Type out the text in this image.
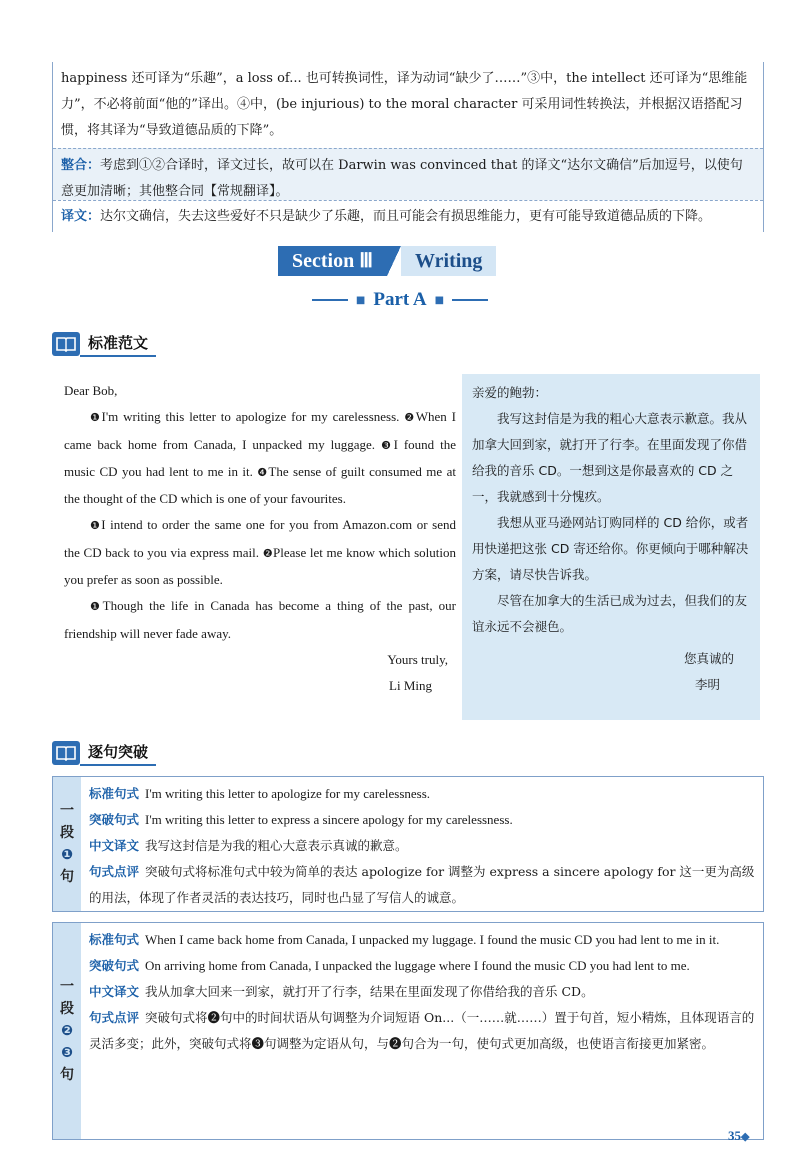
happiness 还可译为“乐趣”，a loss of... 也可转换词性，译为动词“缺少了……”③中，the intellect 还可译为“思维能力”，不必将前面“他的”译出。④中，(be injurious) to the moral character 可采用词性转换法，并根据汉语搭配习惯，将其译为“导致道德品质的下降”。
整合：考虑到①②合译时，译文过长，故可以在 Darwin was convinced that 的译文“达尔文确信”后加逗号，以使句意更加清晰；其他整合同【常规翻译】。
译文：达尔文确信，失去这些爱好不只是缺少了乐趣，而且可能会有损思维能力，更有可能导致道德品质的下降。
Section Ⅲ	Writing
■ Part A ■
标准范文
Dear Bob,
❶I'm writing this letter to apologize for my carelessness. ❷When I came back home from Canada, I unpacked my luggage. ❸I found the music CD you had lent to me in it. ❹The sense of guilt consumed me at the thought of the CD which is one of your favourites.
❶I intend to order the same one for you from Amazon.com or send the CD back to you via express mail. ❷Please let me know which solution you prefer as soon as possible.
❶Though the life in Canada has become a thing of the past, our friendship will never fade away.
Yours truly,
Li Ming
亲爱的鲍勃：
我写这封信是为我的粗心大意表示歉意。我从加拿大回到家，就打开了行李。在里面发现了你借给我的音乐 CD。一想到这是你最喜欢的 CD 之一，我就感到十分愧疚。
我想从亚马逊网站订购同样的 CD 给你，或者用快递把这张 CD 寄还给你。你更倾向于哪种解决方案，请尽快告诉我。
尽管在加拿大的生活已成为过去，但我们的友谊永远不会褪色。
您真诚的
李明
逐句突破
一
段
❶
句
标准句式 I'm writing this letter to apologize for my carelessness.
突破句式 I'm writing this letter to express a sincere apology for my carelessness.
中文译文 我写这封信是为我的粗心大意表示真诚的歉意。
句式点评 突破句式将标准句式中较为简单的表达 apologize for 调整为 express a sincere apology for 这一更为高级的用法，体现了作者灵活的表达技巧，同时也凸显了写信人的诚意。
一
段
❷
❸
句
标准句式 When I came back home from Canada, I unpacked my luggage. I found the music CD you had lent to me in it.
突破句式 On arriving home from Canada, I unpacked the luggage where I found the music CD you had lent to me.
中文译文 我从加拿大回来一到家，就打开了行李，结果在里面发现了你借给我的音乐 CD。
句式点评 突破句式将❷句中的时间状语从句调整为介词短语 On...（一……就……）置于句首，短小精炼，且体现语言的灵活多变；此外，突破句式将❸句调整为定语从句，与❷句合为一句，使句式更加高级，也使语言衔接更加紧密。
35◆
